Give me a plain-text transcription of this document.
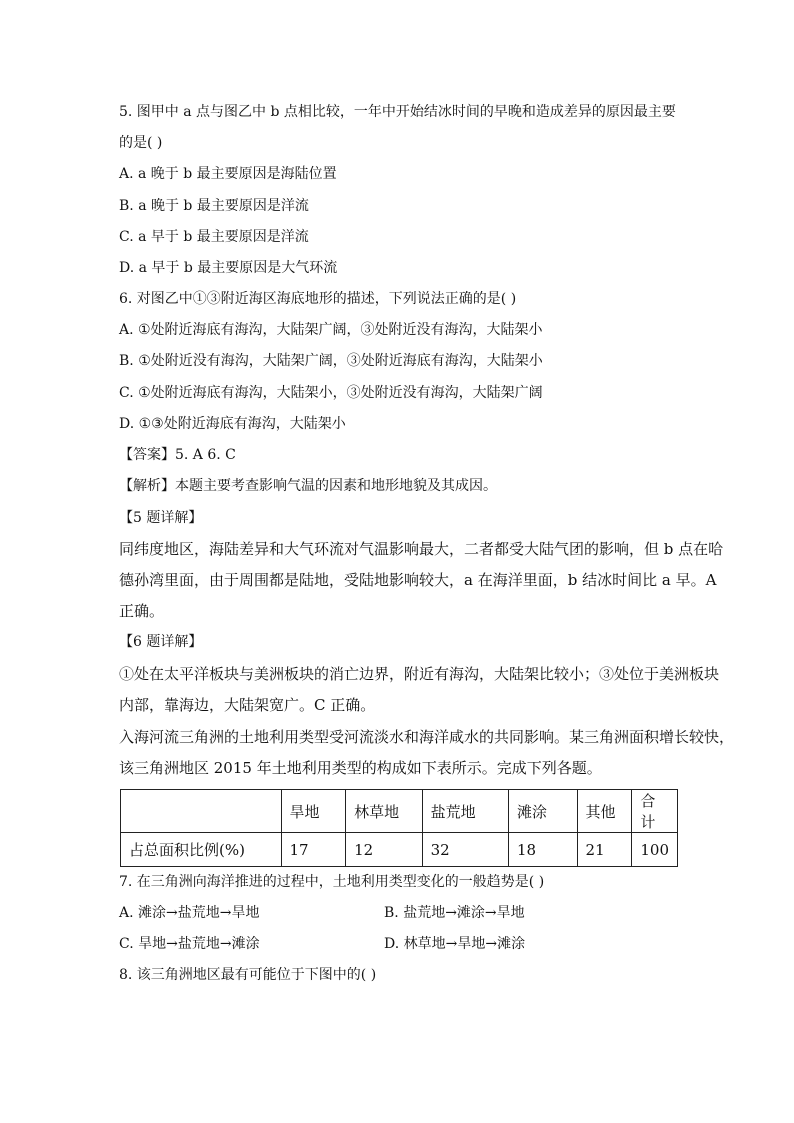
5. 图甲中 a 点与图乙中 b 点相比较，一年中开始结冰时间的早晚和造成差异的原因最主要
的是( )
A. a 晚于 b 最主要原因是海陆位置
B. a 晚于 b 最主要原因是洋流
C. a 早于 b 最主要原因是洋流
D. a 早于 b 最主要原因是大气环流
6. 对图乙中①③附近海区海底地形的描述，下列说法正确的是( )
A. ①处附近海底有海沟，大陆架广阔，③处附近没有海沟，大陆架小
B. ①处附近没有海沟，大陆架广阔，③处附近海底有海沟，大陆架小
C. ①处附近海底有海沟，大陆架小，③处附近没有海沟，大陆架广阔
D. ①③处附近海底有海沟，大陆架小
【答案】5. A 6. C
【解析】本题主要考查影响气温的因素和地形地貌及其成因。
【5 题详解】
同纬度地区，海陆差异和大气环流对气温影响最大，二者都受大陆气团的影响，但 b 点在哈
德孙湾里面，由于周围都是陆地，受陆地影响较大，a 在海洋里面，b 结冰时间比 a 早。A
正确。
【6 题详解】
①处在太平洋板块与美洲板块的消亡边界，附近有海沟，大陆架比较小；③处位于美洲板块
内部，靠海边，大陆架宽广。C 正确。
入海河流三角洲的土地利用类型受河流淡水和海洋咸水的共同影响。某三角洲面积增长较快，
该三角洲地区 2015 年土地利用类型的构成如下表所示。完成下列各题。
	旱地	林草地	盐荒地	滩涂	其他	合计
占总面积比例(%)	17	12	32	18	21	100
7. 在三角洲向海洋推进的过程中，土地利用类型变化的一般趋势是( )
A. 滩涂→盐荒地→旱地	B. 盐荒地→滩涂→旱地
C. 旱地→盐荒地→滩涂	D. 林草地→旱地→滩涂
8. 该三角洲地区最有可能位于下图中的( )
